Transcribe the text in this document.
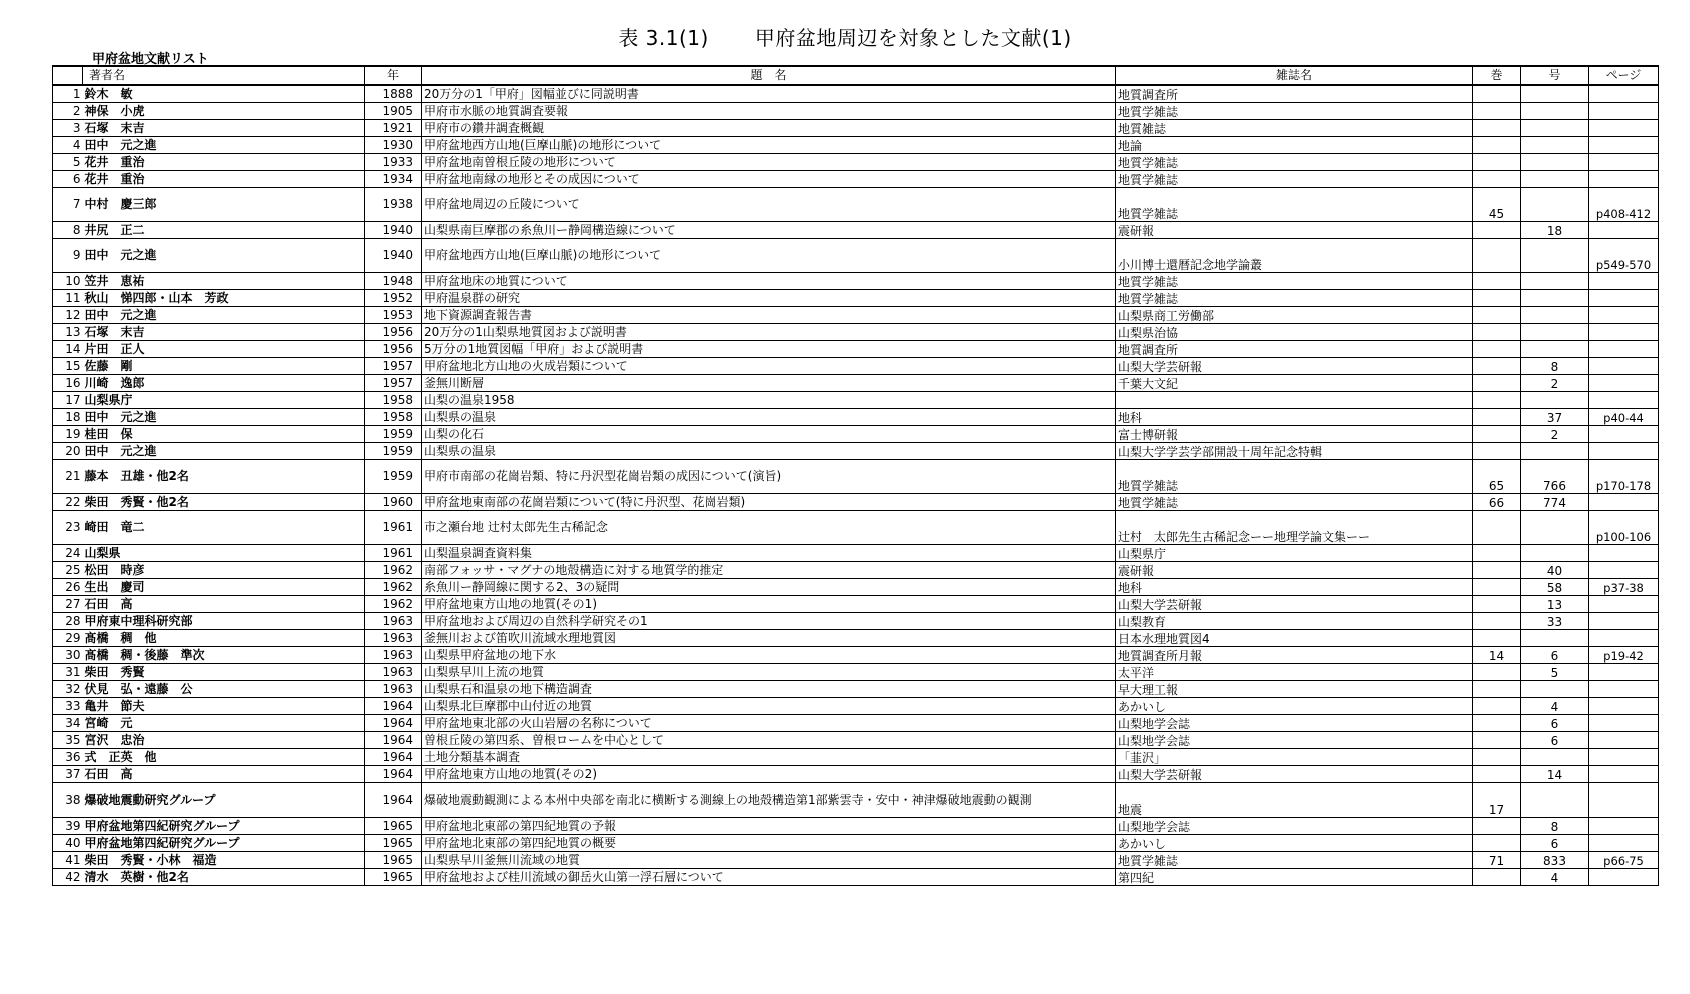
表 3.1(1) 甲府盆地周辺を対象とした文献(1)
甲府盆地文献リスト
	著者名	年	題　名	雑誌名	巻	号	ページ
1	鈴木　敏	1888	20万分の1「甲府」図幅並びに同説明書	地質調査所			
2	神保　小虎	1905	甲府市水脈の地質調査要報	地質学雑誌			
3	石塚　末吉	1921	甲府市の鑽井調査概観	地質雑誌			
4	田中　元之進	1930	甲府盆地西方山地(巨摩山脈)の地形について	地論			
5	花井　重治	1933	甲府盆地南曽根丘陵の地形について	地質学雑誌			
6	花井　重治	1934	甲府盆地南縁の地形とその成因について	地質学雑誌			
7	中村　慶三郎	1938	甲府盆地周辺の丘陵について	地質学雑誌	45		p408-412
8	井尻　正二	1940	山梨県南巨摩郡の糸魚川ー静岡構造線について	震研報		18	
9	田中　元之進	1940	甲府盆地西方山地(巨摩山脈)の地形について	小川博士還暦記念地学論叢			p549-570
10	笠井　恵祐	1948	甲府盆地床の地質について	地質学雑誌			
11	秋山　悌四郎・山本　芳政	1952	甲府温泉群の研究	地質学雑誌			
12	田中　元之進	1953	地下資源調査報告書	山梨県商工労働部			
13	石塚　末吉	1956	20万分の1山梨県地質図および説明書	山梨県治協			
14	片田　正人	1956	5万分の1地質図幅「甲府」および説明書	地質調査所			
15	佐藤　剛	1957	甲府盆地北方山地の火成岩類について	山梨大学芸研報		8	
16	川崎　逸郎	1957	釜無川断層	千葉大文紀		2	
17	山梨県庁	1958	山梨の温泉1958				
18	田中　元之進	1958	山梨県の温泉	地科		37	p40-44
19	桂田　保	1959	山梨の化石	富士博研報		2	
20	田中　元之進	1959	山梨県の温泉	山梨大学学芸学部開設十周年記念特輯			
21	藤本　丑雄・他2名	1959	甲府市南部の花崗岩類、特に丹沢型花崗岩類の成因について(演旨)	地質学雑誌	65	766	p170-178
22	柴田　秀賢・他2名	1960	甲府盆地東南部の花崗岩類について(特に丹沢型、花崗岩類)	地質学雑誌	66	774	
23	崎田　竜二	1961	市之瀬台地 辻村太郎先生古稀記念	辻村　太郎先生古稀記念ーー地理学論文集ーー			p100-106
24	山梨県	1961	山梨温泉調査資料集	山梨県庁			
25	松田　時彦	1962	南部フォッサ・マグナの地殻構造に対する地質学的推定	震研報		40	
26	生出　慶司	1962	糸魚川ー静岡線に関する2、3の疑問	地科		58	p37-38
27	石田　高	1962	甲府盆地東方山地の地質(その1)	山梨大学芸研報		13	
28	甲府東中理科研究部	1963	甲府盆地および周辺の自然科学研究その1	山梨教育		33	
29	髙橋　稠　他	1963	釜無川および笛吹川流域水理地質図	日本水理地質図4			
30	髙橋　稠・後藤　準次	1963	山梨県甲府盆地の地下水	地質調査所月報	14	6	p19-42
31	柴田　秀賢	1963	山梨県早川上流の地質	太平洋		5	
32	伏見　弘・遠藤　公	1963	山梨県石和温泉の地下構造調査	早大理工報			
33	亀井　節夫	1964	山梨県北巨摩郡中山付近の地質	あかいし		4	
34	宮崎　元	1964	甲府盆地東北部の火山岩層の名称について	山梨地学会誌		6	
35	宮沢　忠治	1964	曽根丘陵の第四系、曽根ロームを中心として	山梨地学会誌		6	
36	式　正英　他	1964	土地分類基本調査	「韮沢」			
37	石田　高	1964	甲府盆地東方山地の地質(その2)	山梨大学芸研報		14	
38	爆破地震動研究グループ	1964	爆破地震動観測による本州中央部を南北に横断する測線上の地殻構造第1部紫雲寺・安中・神津爆破地震動の観測	地震	17		
39	甲府盆地第四紀研究グループ	1965	甲府盆地北東部の第四紀地質の予報	山梨地学会誌		8	
40	甲府盆地第四紀研究グループ	1965	甲府盆地北東部の第四紀地質の概要	あかいし		6	
41	柴田　秀賢・小林　福造	1965	山梨県早川釜無川流域の地質	地質学雑誌	71	833	p66-75
42	清水　英樹・他2名	1965	甲府盆地および桂川流域の御岳火山第一浮石層について	第四紀		4	
